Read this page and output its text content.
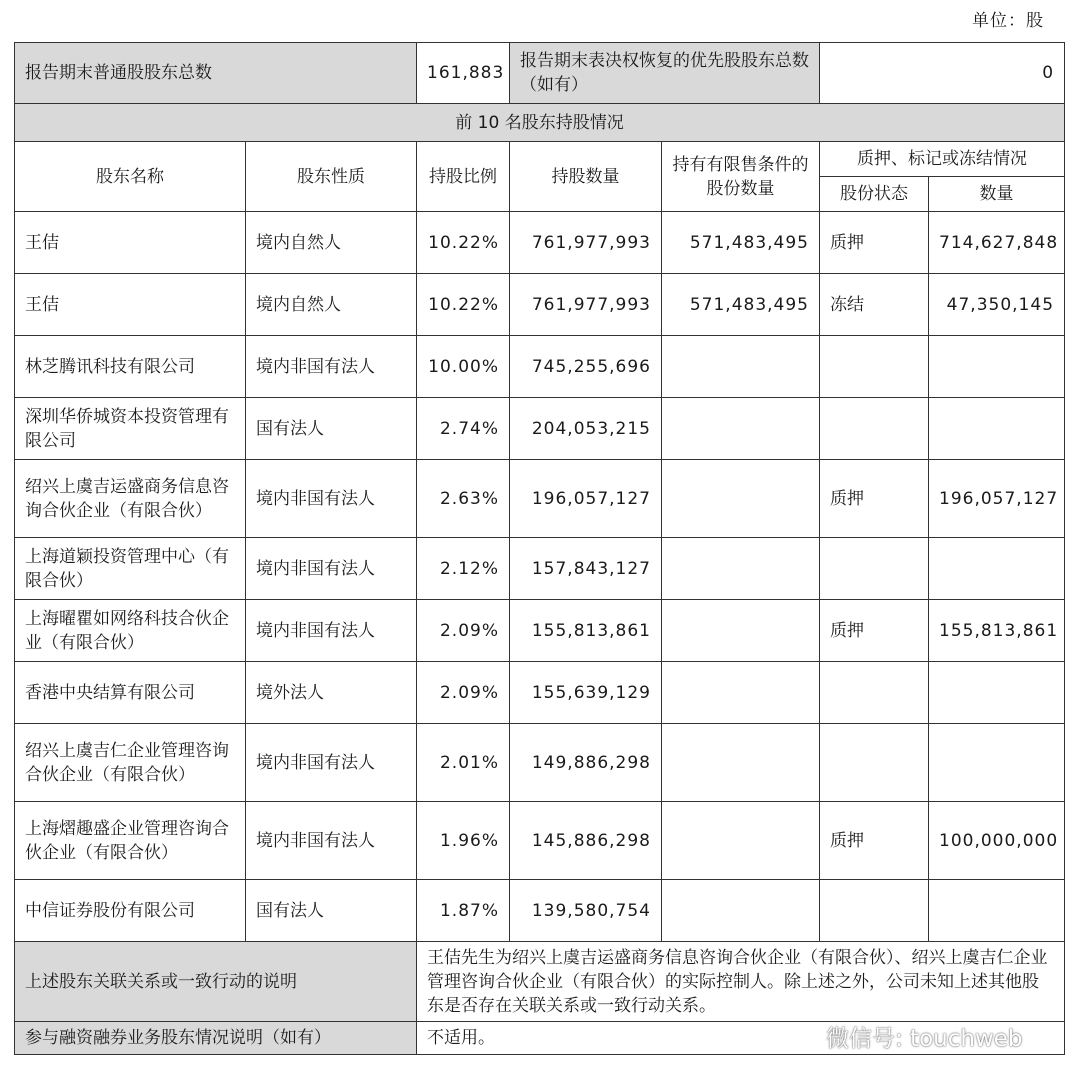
单位：股
报告期末普通股股东总数		161,883	报告期末表决权恢复的优先股股东总数（如有）		0	
前 10 名股东持股情况						
股东名称	股东性质	持股比例	持股数量	持有有限售条件的股份数量	质押、标记或冻结情况	
					股份状态	数量
王佶	境内自然人	10.22%	761,977,993	571,483,495	质押	714,627,848
王佶	境内自然人	10.22%	761,977,993	571,483,495	冻结	47,350,145
林芝腾讯科技有限公司	境内非国有法人	10.00%	745,255,696			
深圳华侨城资本投资管理有限公司	国有法人	2.74%	204,053,215			
绍兴上虞吉运盛商务信息咨询合伙企业（有限合伙）	境内非国有法人	2.63%	196,057,127		质押	196,057,127
上海道颖投资管理中心（有限合伙）	境内非国有法人	2.12%	157,843,127			
上海曜瞿如网络科技合伙企业（有限合伙）	境内非国有法人	2.09%	155,813,861		质押	155,813,861
香港中央结算有限公司	境外法人	2.09%	155,639,129			
绍兴上虞吉仁企业管理咨询合伙企业（有限合伙）	境内非国有法人	2.01%	149,886,298			
上海熠趣盛企业管理咨询合伙企业（有限合伙）	境内非国有法人	1.96%	145,886,298		质押	100,000,000
中信证券股份有限公司	国有法人	1.87%	139,580,754			
上述股东关联关系或一致行动的说明		王佶先生为绍兴上虞吉运盛商务信息咨询合伙企业（有限合伙）、绍兴上虞吉仁企业管理咨询合伙企业（有限合伙）的实际控制人。除上述之外，公司未知上述其他股东是否存在关联关系或一致行动关系。				
参与融资融券业务股东情况说明（如有）		不适用。					微信号: touchweb
